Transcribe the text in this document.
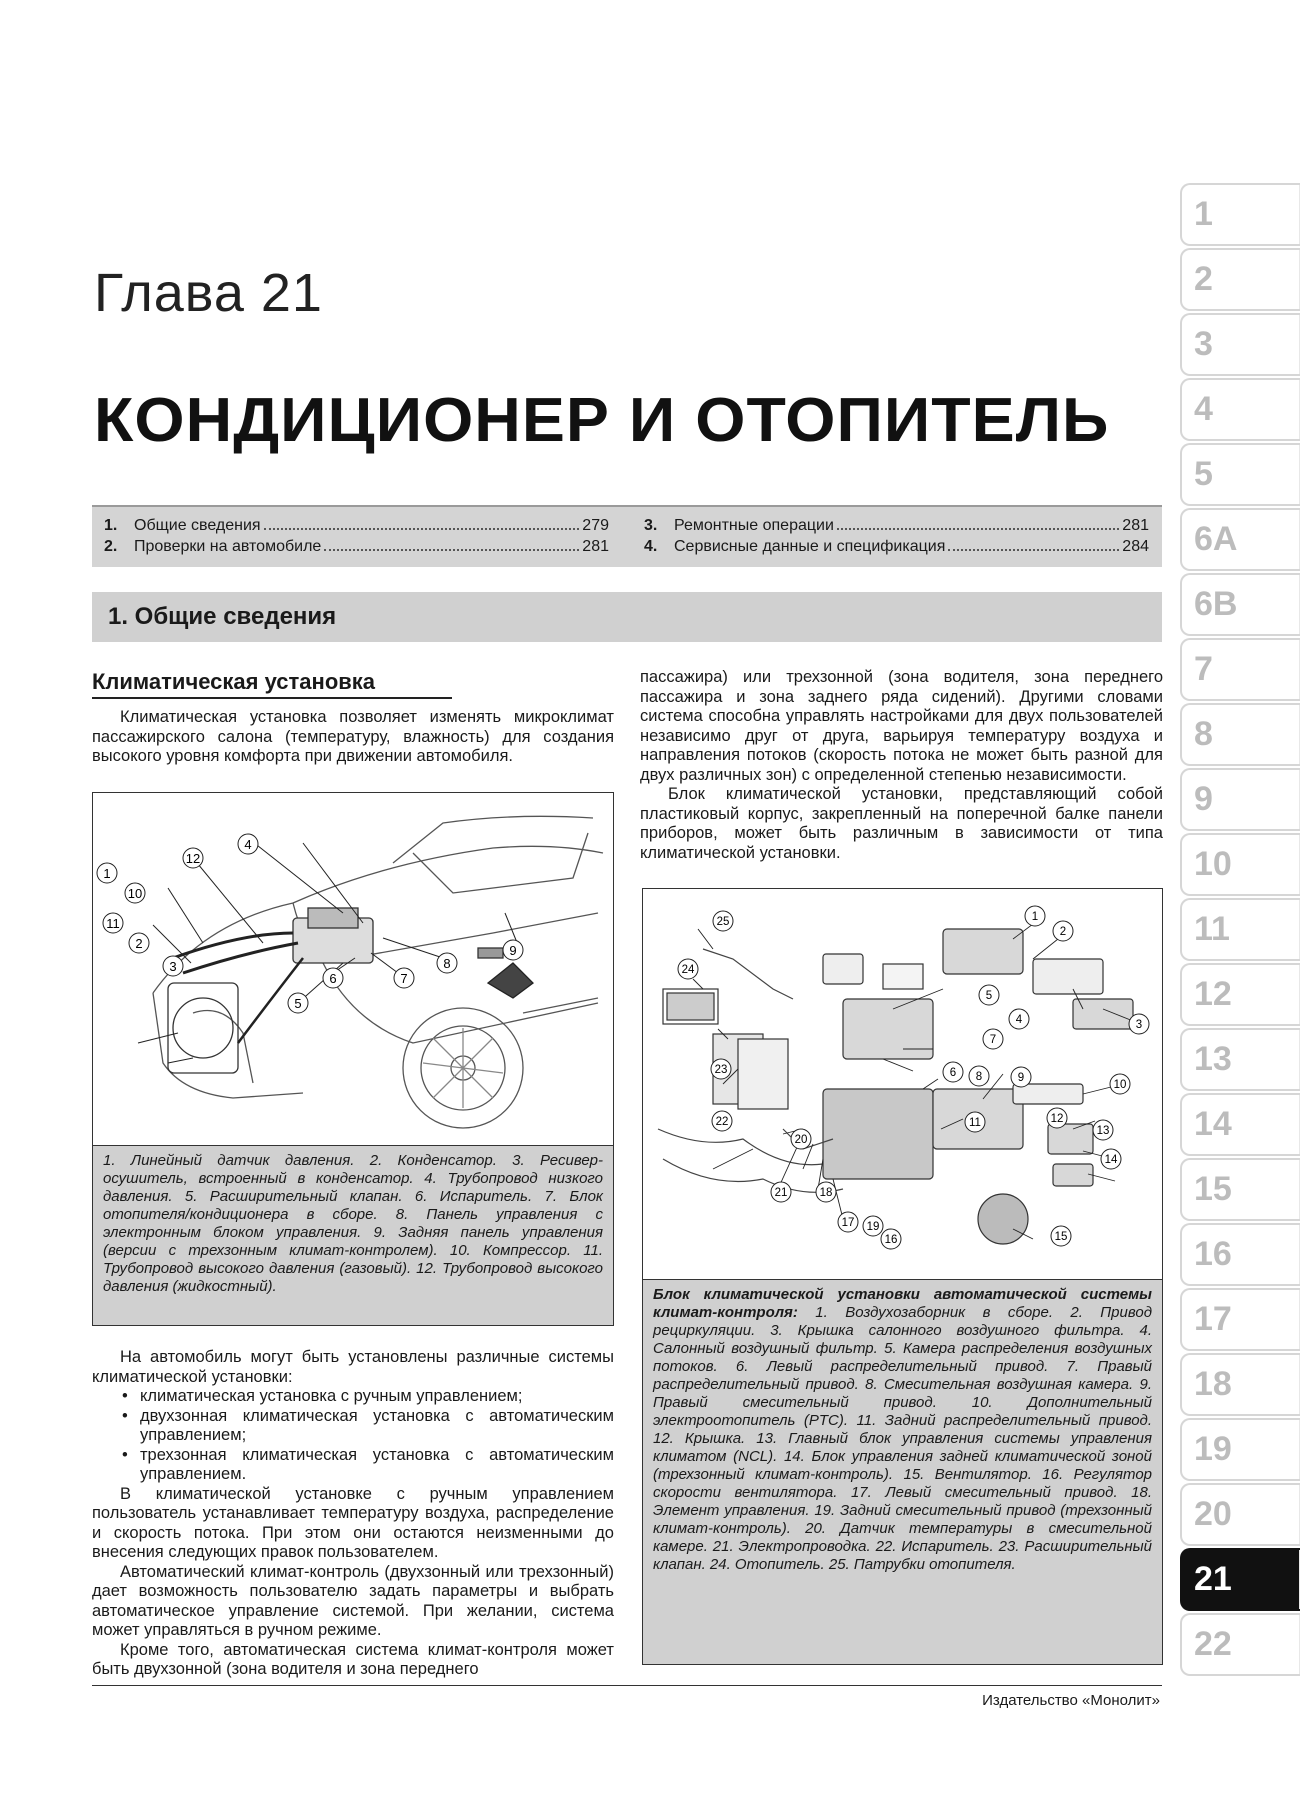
Глава 21
КОНДИЦИОНЕР И ОТОПИТЕЛЬ
1.	Общие сведения	279
2.	Проверки на автомобиле	281
3.	Ремонтные операции	281
4.	Сервисные данные и спецификация	284
1. Общие сведения
Климатическая установка

Климатическая установка позволяет изменять микроклимат пассажирского салона (температуру, влажность) для создания высокого уровня комфорта при движении автомобиля.

1
2
3
4
5
6	7
8
9
10
11
12
1. Линейный датчик давления. 2. Конденсатор. 3. Ресивер-осушитель, встроенный в конденсатор. 4. Трубопровод низкого давления. 5. Расширительный клапан. 6. Испаритель. 7. Блок отопителя/кондиционера в сборе. 8. Панель управления с электронным блоком управления. 9. Задняя панель управления (версии с трехзонным климат-контролем). 10. Компрессор. 11. Трубопровод высокого давления (газовый). 12. Трубопровод высокого давления (жидкостный).

На автомобиль могут быть установлены различные системы климатической установки:

• климатическая установка с ручным управлением;

• двухзонная климатическая установка с автоматическим управлением;

• трехзонная климатическая установка с автоматическим управлением.

В климатической установке с ручным управлением пользователь устанавливает температуру воздуха, распределение и скорость потока. При этом они остаются неизменными до внесения следующих правок пользователем.

Автоматический климат-контроль (двухзонный или трехзонный) дает возможность пользователю задать параметры и выбрать автоматическое управление системой. При желании, система может управляться в ручном режиме.

Кроме того, автоматическая система климат-контроля может быть двухзонной (зона водителя и зона переднего

пассажира) или трехзонной (зона водителя, зона переднего пассажира и зона заднего ряда сидений). Другими словами система способна управлять настройками для двух пользователей независимо друг от друга, варьируя температуру воздуха и направления потоков (скорость потока не может быть разной для двух различных зон) с определенной степенью независимости.

Блок климатической установки, представляющий собой пластиковый корпус, закрепленный на поперечной балке панели приборов, может быть различным в зависимости от типа климатической установки.

1
2
3
4
5
6
7
8	9
10
11	12
13
14
15
16
17
18
19
20
21
22
23
24
25
Блок климатической установки автоматической системы климат-контроля: 1. Воздухозаборник в сборе. 2. Привод рециркуляции. 3. Крышка салонного воздушного фильтра. 4. Салонный воздушный фильтр. 5. Камера распределения воздушных потоков. 6. Левый распределительный привод. 7. Правый распределительный привод. 8. Смесительная воздушная камера. 9. Правый смесительный привод. 10. Дополнительный электроотопитель (PTC). 11. Задний распределительный привод. 12. Крышка. 13. Главный блок управления системы управления климатом (NCL). 14. Блок управления задней климатической зоной (трехзонный климат-контроль). 15. Вентилятор. 16. Регулятор скорости вентилятора. 17. Левый смесительный привод. 18. Элемент управления. 19. Задний смесительный привод (трехзонный климат-контроль). 20. Датчик температуры в смесительной камере. 21. Электропроводка. 22. Испаритель. 23. Расширительный клапан. 24. Отопитель. 25. Патрубки отопителя.
1
2
3
4
5
6A
6B
7
8
9
10
11
12
13
14
15
16
17
18
19
20
21
22
Издательство «Монолит»
